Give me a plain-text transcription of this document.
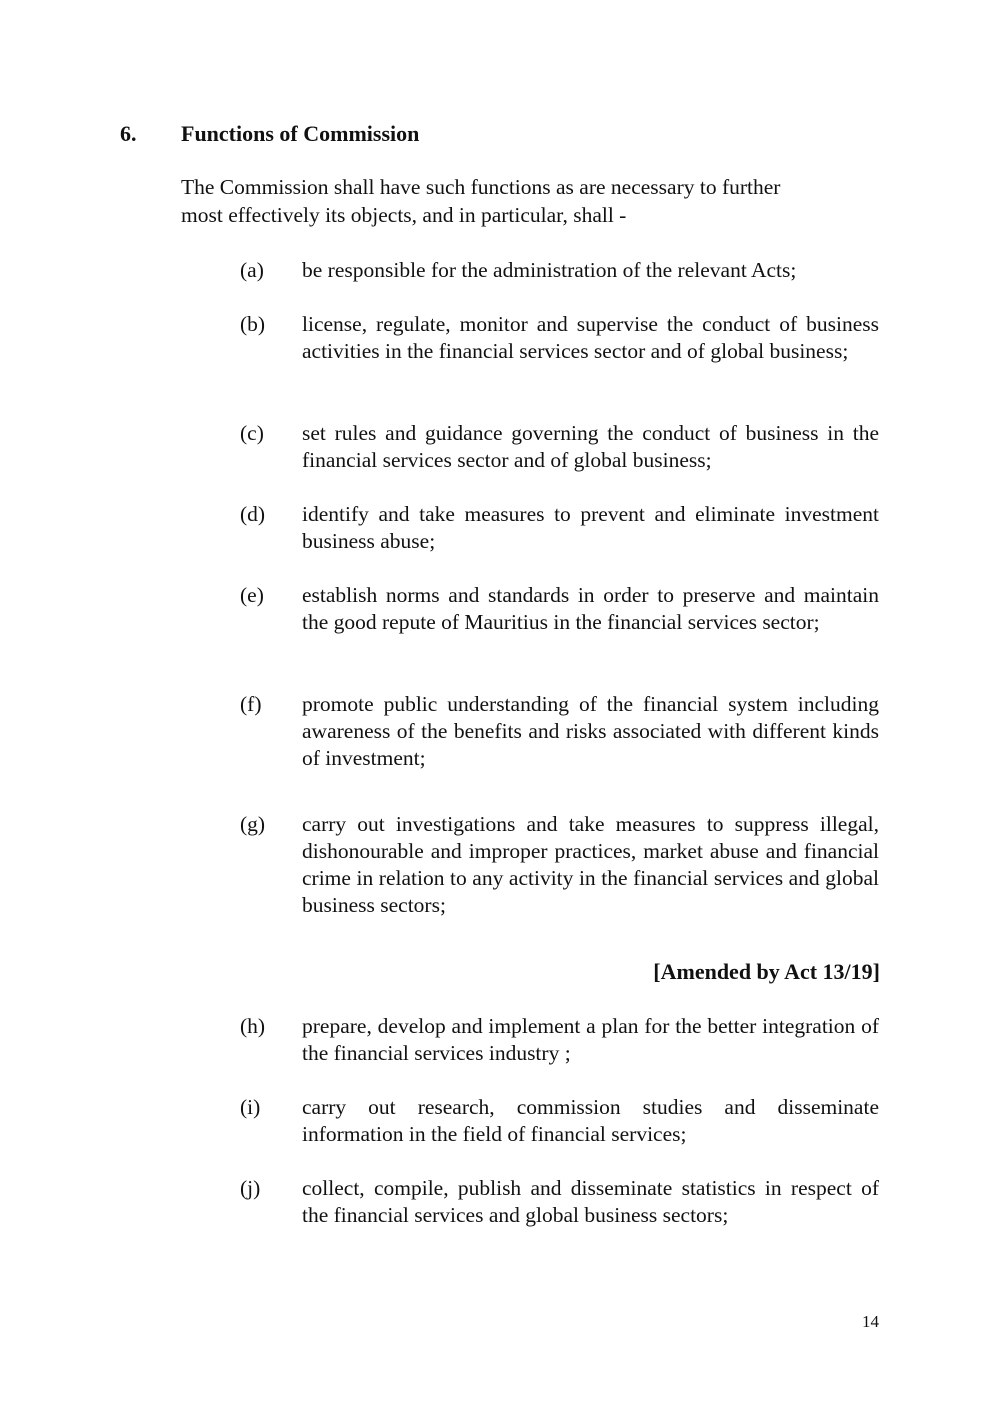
6. Functions of Commission
The Commission shall have such functions as are necessary to further most effectively its objects, and in particular, shall -
(a) be responsible for the administration of the relevant Acts;
(b) license, regulate, monitor and supervise the conduct of business activities in the financial services sector and of global business;
(c) set rules and guidance governing the conduct of business in the financial services sector and of global business;
(d) identify and take measures to prevent and eliminate investment business abuse;
(e) establish norms and standards in order to preserve and maintain the good repute of Mauritius in the financial services sector;
(f) promote public understanding of the financial system including awareness of the benefits and risks associated with different kinds of investment;
(g) carry out investigations and take measures to suppress illegal, dishonourable and improper practices, market abuse and financial crime in relation to any activity in the financial services and global business sectors;
[Amended by Act 13/19]
(h) prepare, develop and implement a plan for the better integration of the financial services industry ;
(i) carry out research, commission studies and disseminate information in the field of financial services;
(j) collect, compile, publish and disseminate statistics in respect of the financial services and global business sectors;
14
